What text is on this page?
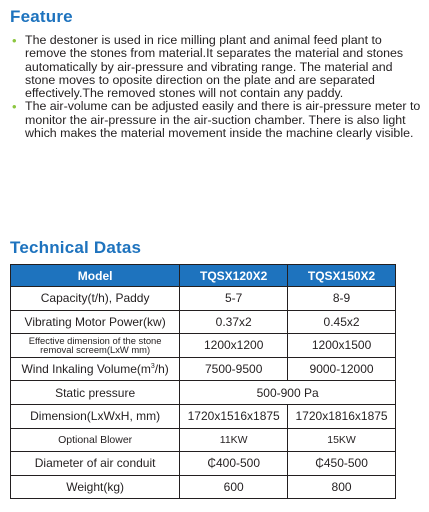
Feature
• The destoner is used in rice milling plant and animal feed plant to remove the stones from material.It separates the material and stones automatically by air-pressure and vibrating range. The material and stone moves to oposite direction on the plate and are separated effectively.The removed stones will not contain any paddy.
• The air-volume can be adjusted easily and there is air-pressure meter to monitor the air-pressure in the air-suction chamber. There is also light which makes the material movement inside the machine clearly visible.
Technical Datas
Model	TQSX120X2	TQSX150X2
Capacity(t/h), Paddy	5-7	8-9
Vibrating Motor Power(kw)	0.37x2	0.45x2
Effective dimension of the stone removal screem(LxW mm)	1200x1200	1200x1500
Wind Inkaling $Volume(m^3/h)$	7500-9500	9000-12000
Static pressure	500-900 Pa	
Dimension(LxWxH, mm)	1720x1516x1875	1720x1816x1875
Optional Blower	11KW	15KW
Diameter of air conduit	₵400-500	₵450-500
Weight(kg)	600	800
